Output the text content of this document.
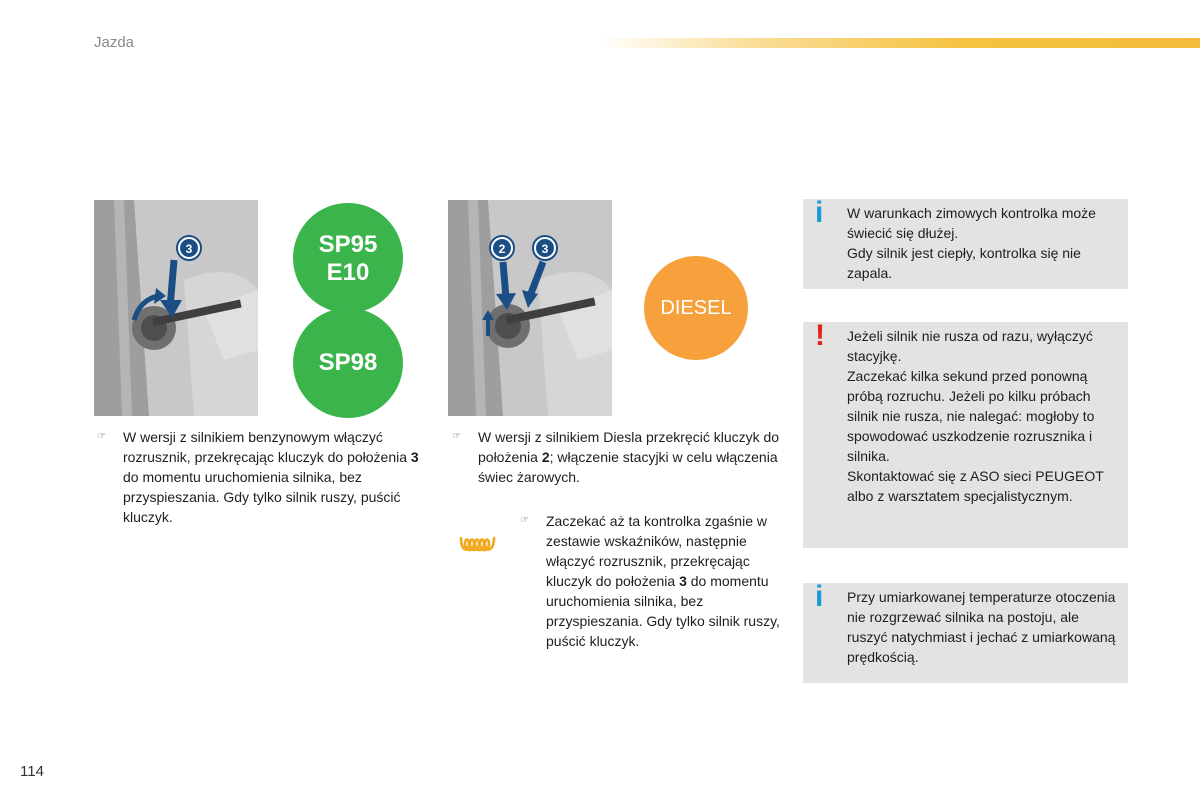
Jazda
3	SP95
E10
SP98
2	3
DIESEL
☞	W wersji z silnikiem benzynowym włączyć rozrusznik, przekręcając kluczyk do położenia 3 do momentu uruchomienia silnika, bez przyspieszania. Gdy tylko silnik ruszy, puścić kluczyk.
☞	W wersji z silnikiem Diesla przekręcić kluczyk do położenia 2; włączenie stacyjki w celu włączenia świec żarowych.
☞	Zaczekać aż ta kontrolka zgaśnie w zestawie wskaźników, następnie włączyć rozrusznik, przekręcając kluczyk do położenia 3 do momentu uruchomienia silnika, bez przyspieszania. Gdy tylko silnik ruszy, puścić kluczyk.
i W warunkach zimowych kontrolka może świecić się dłużej.
Gdy silnik jest ciepły, kontrolka się nie zapala.
! Jeżeli silnik nie rusza od razu, wyłączyć stacyjkę.
Zaczekać kilka sekund przed ponowną próbą rozruchu. Jeżeli po kilku próbach silnik nie rusza, nie nalegać: mogłoby to spowodować uszkodzenie rozrusznika i silnika.
Skontaktować się z ASO sieci PEUGEOT albo z warsztatem specjalistycznym.
i Przy umiarkowanej temperaturze otoczenia nie rozgrzewać silnika na postoju, ale ruszyć natychmiast i jechać z umiarkowaną prędkością.
114
